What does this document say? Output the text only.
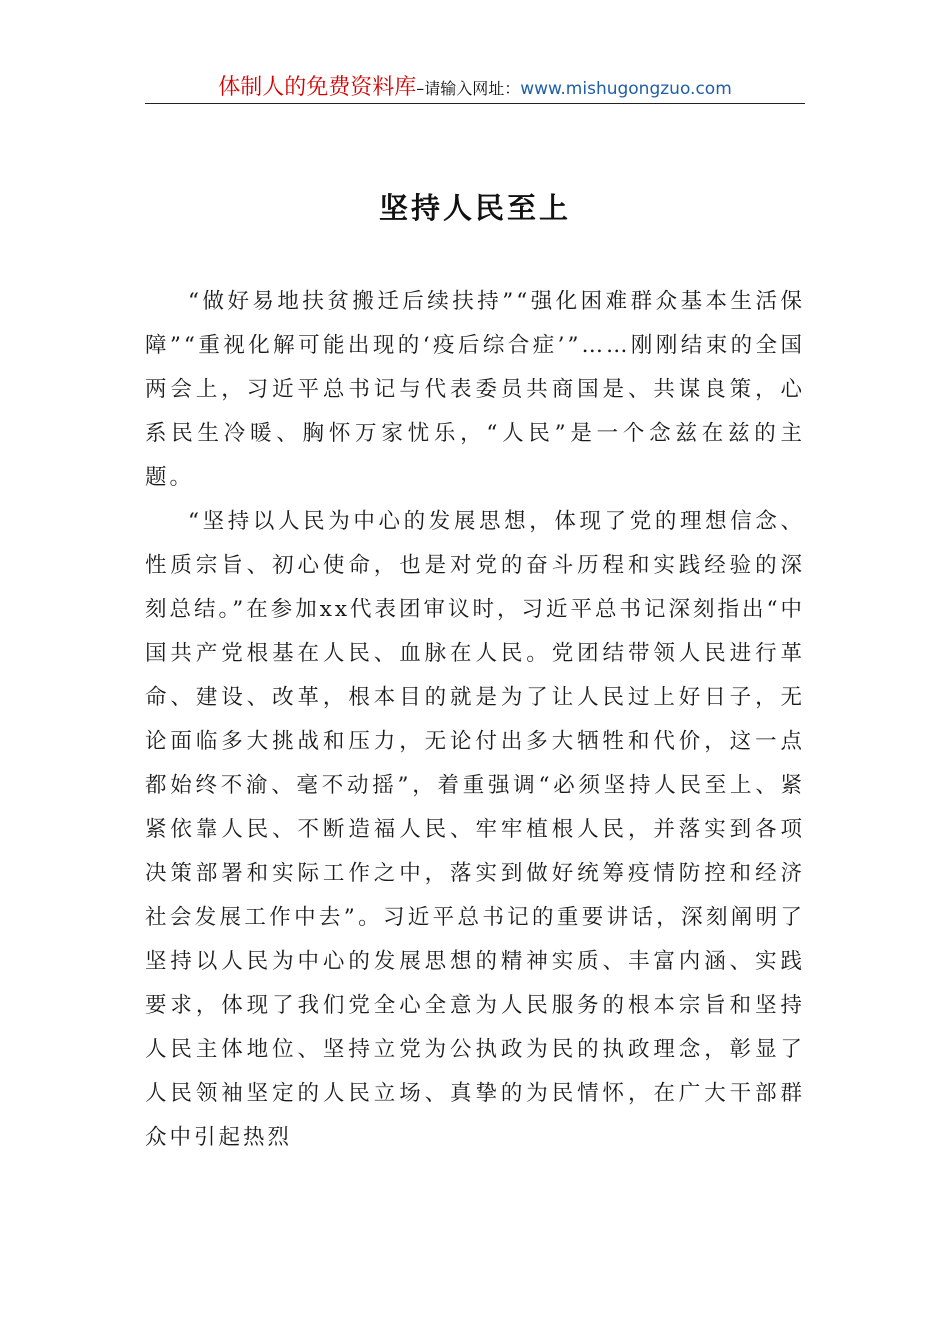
体制人的免费资料库–请输入网址：www.mishugongzuo.com
坚持人民至上

“做好易地扶贫搬迁后续扶持”“强化困难群众基本生活保障”“重视化解可能出现的‘疫后综合症’”……刚刚结束的全国两会上，习近平总书记与代表委员共商国是、共谋良策，心系民生冷暖、胸怀万家忧乐，“人民”是一个念兹在兹的主题。

“坚持以人民为中心的发展思想，体现了党的理想信念、性质宗旨、初心使命，也是对党的奋斗历程和实践经验的深刻总结。”在参加xx代表团审议时，习近平总书记深刻指出“中国共产党根基在人民、血脉在人民。党团结带领人民进行革命、建设、改革，根本目的就是为了让人民过上好日子，无论面临多大挑战和压力，无论付出多大牺牲和代价，这一点都始终不渝、毫不动摇”，着重强调“必须坚持人民至上、紧紧依靠人民、不断造福人民、牢牢植根人民，并落实到各项决策部署和实际工作之中，落实到做好统筹疫情防控和经济社会发展工作中去”。习近平总书记的重要讲话，深刻阐明了坚持以人民为中心的发展思想的精神实质、丰富内涵、实践要求，体现了我们党全心全意为人民服务的根本宗旨和坚持人民主体地位、坚持立党为公执政为民的执政理念，彰显了人民领袖坚定的人民立场、真挚的为民情怀，在广大干部群众中引起热烈
